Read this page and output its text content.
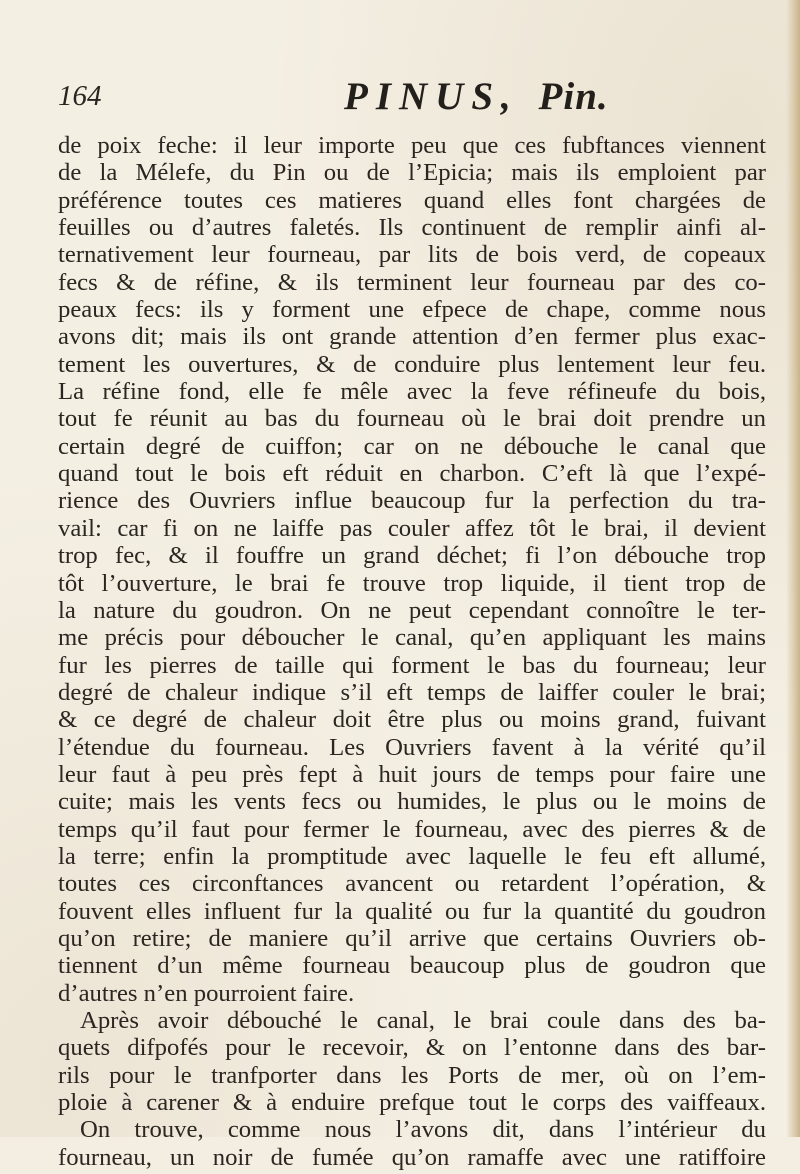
164	PINUS, Pin.
de poix feche: il leur importe peu que ces fubftances viennent
de la Mélefe, du Pin ou de l’Epicia; mais ils emploient par
préférence toutes ces matieres quand elles font chargées de
feuilles ou d’autres faletés. Ils continuent de remplir ainfi al-
ternativement leur fourneau, par lits de bois verd, de copeaux
fecs & de réfine, & ils terminent leur fourneau par des co-
peaux fecs: ils y forment une efpece de chape, comme nous
avons dit; mais ils ont grande attention d’en fermer plus exac-
tement les ouvertures, & de conduire plus lentement leur feu.
La réfine fond, elle fe mêle avec la feve réfineufe du bois,
tout fe réunit au bas du fourneau où le brai doit prendre un
certain degré de cuiffon; car on ne débouche le canal que
quand tout le bois eft réduit en charbon. C’eft là que l’expé-
rience des Ouvriers influe beaucoup fur la perfection du tra-
vail: car fi on ne laiffe pas couler affez tôt le brai, il devient
trop fec, & il fouffre un grand déchet; fi l’on débouche trop
tôt l’ouverture, le brai fe trouve trop liquide, il tient trop de
la nature du goudron. On ne peut cependant connoître le ter-
me précis pour déboucher le canal, qu’en appliquant les mains
fur les pierres de taille qui forment le bas du fourneau; leur
degré de chaleur indique s’il eft temps de laiffer couler le brai;
& ce degré de chaleur doit être plus ou moins grand, fuivant
l’étendue du fourneau. Les Ouvriers favent à la vérité qu’il
leur faut à peu près fept à huit jours de temps pour faire une
cuite; mais les vents fecs ou humides, le plus ou le moins de
temps qu’il faut pour fermer le fourneau, avec des pierres & de
la terre; enfin la promptitude avec laquelle le feu eft allumé,
toutes ces circonftances avancent ou retardent l’opération, &
fouvent elles influent fur la qualité ou fur la quantité du goudron
qu’on retire; de maniere qu’il arrive que certains Ouvriers ob-
tiennent d’un même fourneau beaucoup plus de goudron que
d’autres n’en pourroient faire.
Après avoir débouché le canal, le brai coule dans des ba-
quets difpofés pour le recevoir, & on l’entonne dans des bar-
rils pour le tranfporter dans les Ports de mer, où on l’em-
ploie à carener & à enduire prefque tout le corps des vaiffeaux.
On trouve, comme nous l’avons dit, dans l’intérieur du
fourneau, un noir de fumée qu’on ramaffe avec une ratiffoire
